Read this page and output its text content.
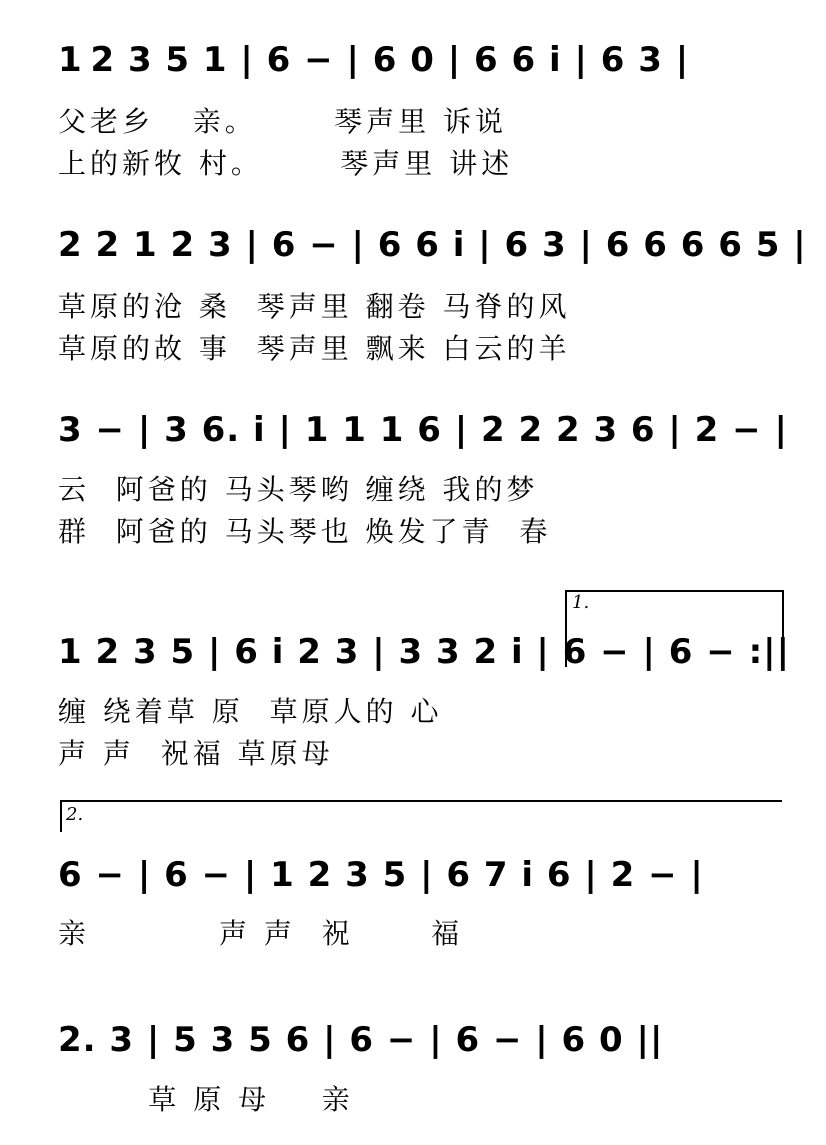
1 2 3 5 1 | 6 − | 6 0 | 6 6 i | 6 3 |
父老乡   亲。      琴声里 诉说
上的新牧 村。      琴声里 讲述
2 2 1 2 3 | 6 − | 6 6 i | 6 3 | 6 6 6 6 5 |
草原的沧 桑  琴声里 翻卷 马脊的风
草原的故 事  琴声里 飘来 白云的羊
3 − | 3 6. i | 1 1 1 6 | 2 2 2 3 6 | 2 − |
云  阿爸的 马头琴哟 缠绕 我的梦
群  阿爸的 马头琴也 焕发了青  春
1.
1 2 3 5 | 6 i 2 3 | 3 3 2 i | 6 − | 6 − :||
缠 绕着草 原  草原人的 心
声 声  祝福 草原母
2.
6 − | 6 − | 1 2 3 5 | 6 7 i 6 | 2 − |
亲          声 声  祝      福
2. 3 | 5 3 5 6 | 6 − | 6 − | 6 0 ||
草 原 母    亲
